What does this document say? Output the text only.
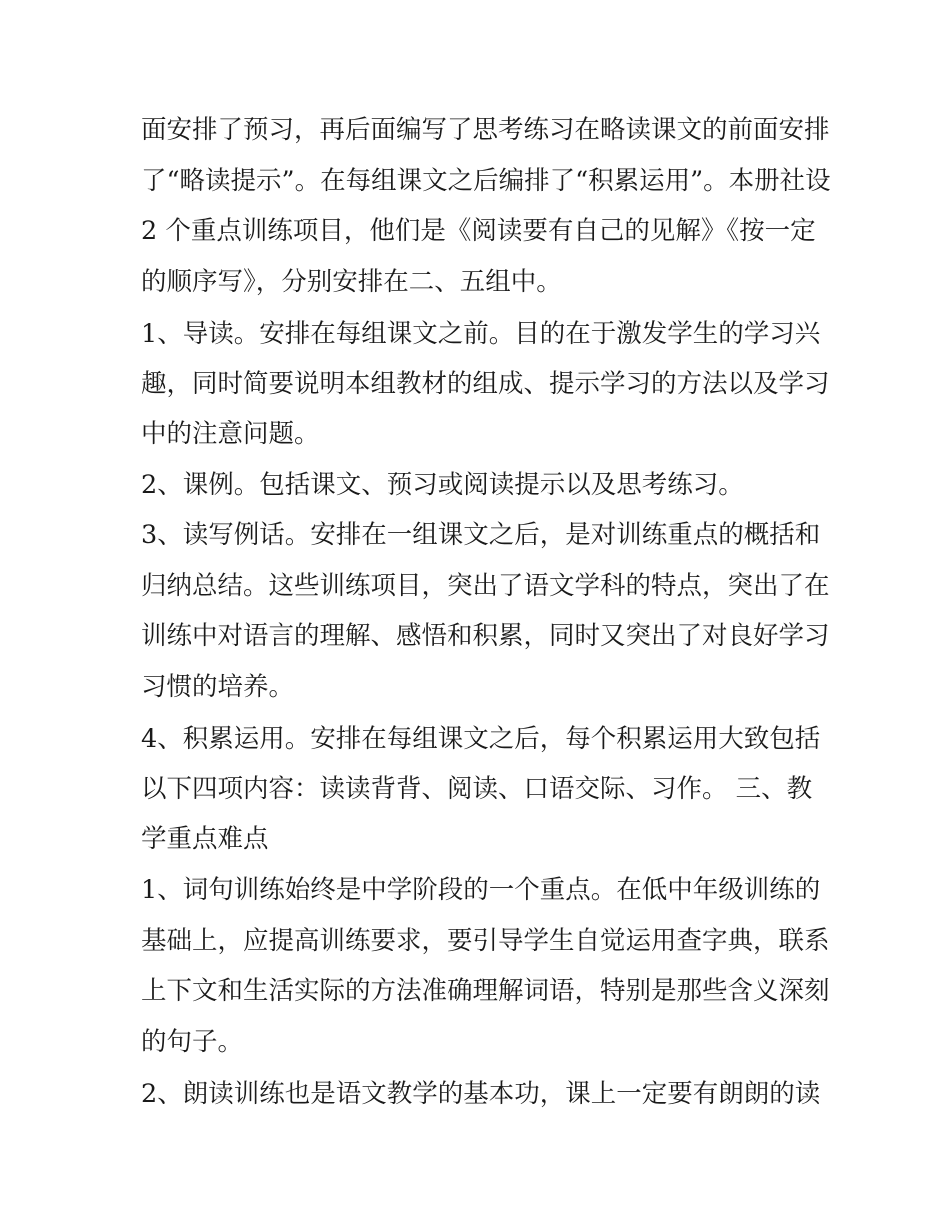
面安排了预习，再后面编写了思考练习在略读课文的前面安排
了“略读提示”。在每组课文之后编排了“积累运用”。本册社设
2 个重点训练项目，他们是《阅读要有自己的见解》《按一定
的顺序写》，分别安排在二、五组中。
1、导读。安排在每组课文之前。目的在于激发学生的学习兴
趣，同时简要说明本组教材的组成、提示学习的方法以及学习
中的注意问题。
2、课例。包括课文、预习或阅读提示以及思考练习。
3、读写例话。安排在一组课文之后，是对训练重点的概括和
归纳总结。这些训练项目，突出了语文学科的特点，突出了在
训练中对语言的理解、感悟和积累，同时又突出了对良好学习
习惯的培养。
4、积累运用。安排在每组课文之后，每个积累运用大致包括
以下四项内容：读读背背、阅读、口语交际、习作。 三、教
学重点难点
1、词句训练始终是中学阶段的一个重点。在低中年级训练的
基础上，应提高训练要求，要引导学生自觉运用查字典，联系
上下文和生活实际的方法准确理解词语，特别是那些含义深刻
的句子。
2、朗读训练也是语文教学的基本功，课上一定要有朗朗的读
